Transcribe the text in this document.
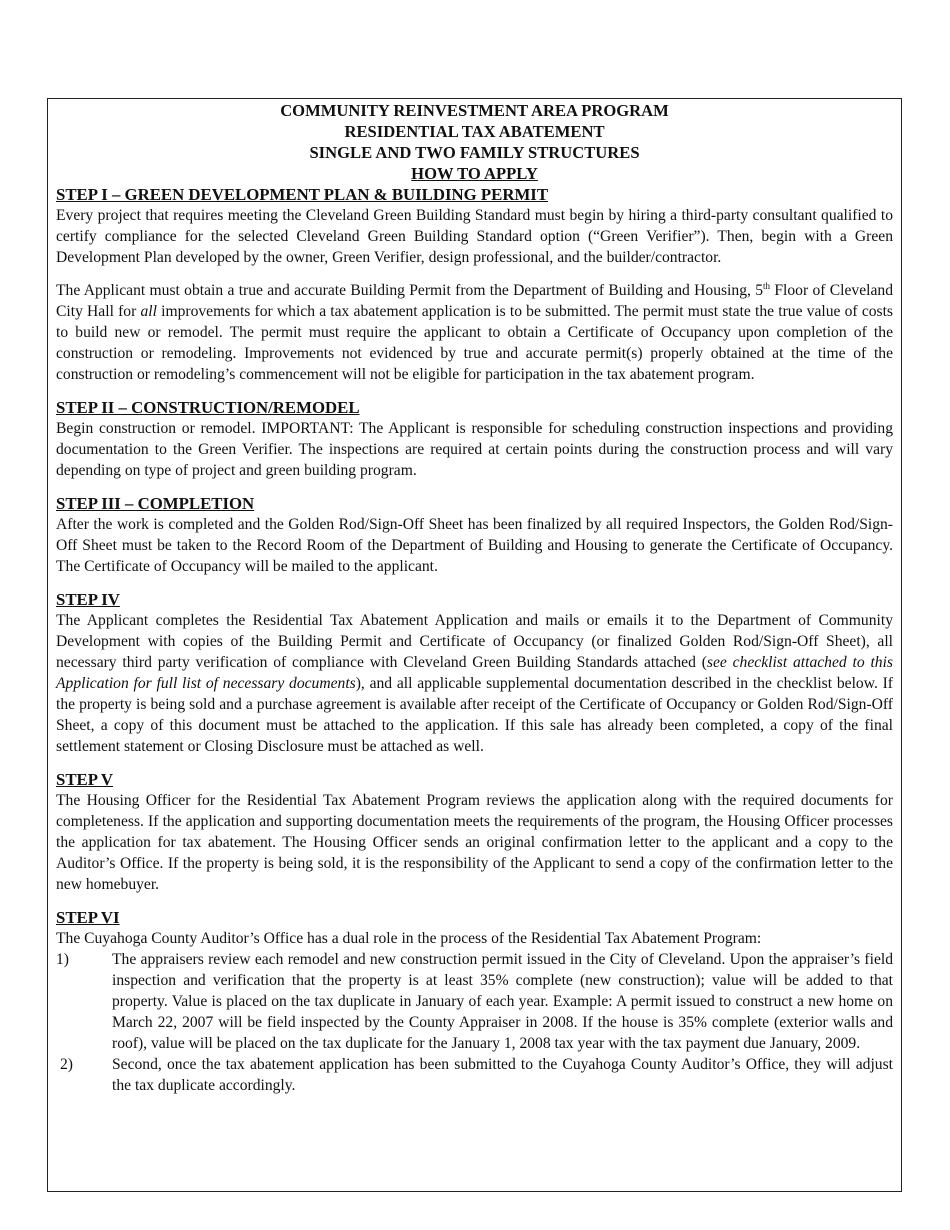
COMMUNITY REINVESTMENT AREA PROGRAM
RESIDENTIAL TAX ABATEMENT
SINGLE AND TWO FAMILY STRUCTURES
HOW TO APPLY
STEP I – GREEN DEVELOPMENT PLAN & BUILDING PERMIT

Every project that requires meeting the Cleveland Green Building Standard must begin by hiring a third-party consultant qualified to certify compliance for the selected Cleveland Green Building Standard option (“Green Verifier”). Then, begin with a Green Development Plan developed by the owner, Green Verifier, design professional, and the builder/contractor.

The Applicant must obtain a true and accurate Building Permit from the Department of Building and Housing, 5th Floor of Cleveland City Hall for all improvements for which a tax abatement application is to be submitted. The permit must state the true value of costs to build new or remodel. The permit must require the applicant to obtain a Certificate of Occupancy upon completion of the construction or remodeling. Improvements not evidenced by true and accurate permit(s) properly obtained at the time of the construction or remodeling’s commencement will not be eligible for participation in the tax abatement program.

STEP II – CONSTRUCTION/REMODEL

Begin construction or remodel. IMPORTANT: The Applicant is responsible for scheduling construction inspections and providing documentation to the Green Verifier. The inspections are required at certain points during the construction process and will vary depending on type of project and green building program.

STEP III – COMPLETION

After the work is completed and the Golden Rod/Sign-Off Sheet has been finalized by all required Inspectors, the Golden Rod/Sign-Off Sheet must be taken to the Record Room of the Department of Building and Housing to generate the Certificate of Occupancy. The Certificate of Occupancy will be mailed to the applicant.

STEP IV

The Applicant completes the Residential Tax Abatement Application and mails or emails it to the Department of Community Development with copies of the Building Permit and Certificate of Occupancy (or finalized Golden Rod/Sign-Off Sheet), all necessary third party verification of compliance with Cleveland Green Building Standards attached (see checklist attached to this Application for full list of necessary documents), and all applicable supplemental documentation described in the checklist below. If the property is being sold and a purchase agreement is available after receipt of the Certificate of Occupancy or Golden Rod/Sign-Off Sheet, a copy of this document must be attached to the application. If this sale has already been completed, a copy of the final settlement statement or Closing Disclosure must be attached as well.

STEP V

The Housing Officer for the Residential Tax Abatement Program reviews the application along with the required documents for completeness. If the application and supporting documentation meets the requirements of the program, the Housing Officer processes the application for tax abatement. The Housing Officer sends an original confirmation letter to the applicant and a copy to the Auditor’s Office. If the property is being sold, it is the responsibility of the Applicant to send a copy of the confirmation letter to the new homebuyer.

STEP VI

The Cuyahoga County Auditor’s Office has a dual role in the process of the Residential Tax Abatement Program:

1)	The appraisers review each remodel and new construction permit issued in the City of Cleveland. Upon the appraiser’s field inspection and verification that the property is at least 35% complete (new construction); value will be added to that property. Value is placed on the tax duplicate in January of each year. Example: A permit issued to construct a new home on March 22, 2007 will be field inspected by the County Appraiser in 2008. If the house is 35% complete (exterior walls and roof), value will be placed on the tax duplicate for the January 1, 2008 tax year with the tax payment due January, 2009.
2)	Second, once the tax abatement application has been submitted to the Cuyahoga County Auditor’s Office, they will adjust the tax duplicate accordingly.
